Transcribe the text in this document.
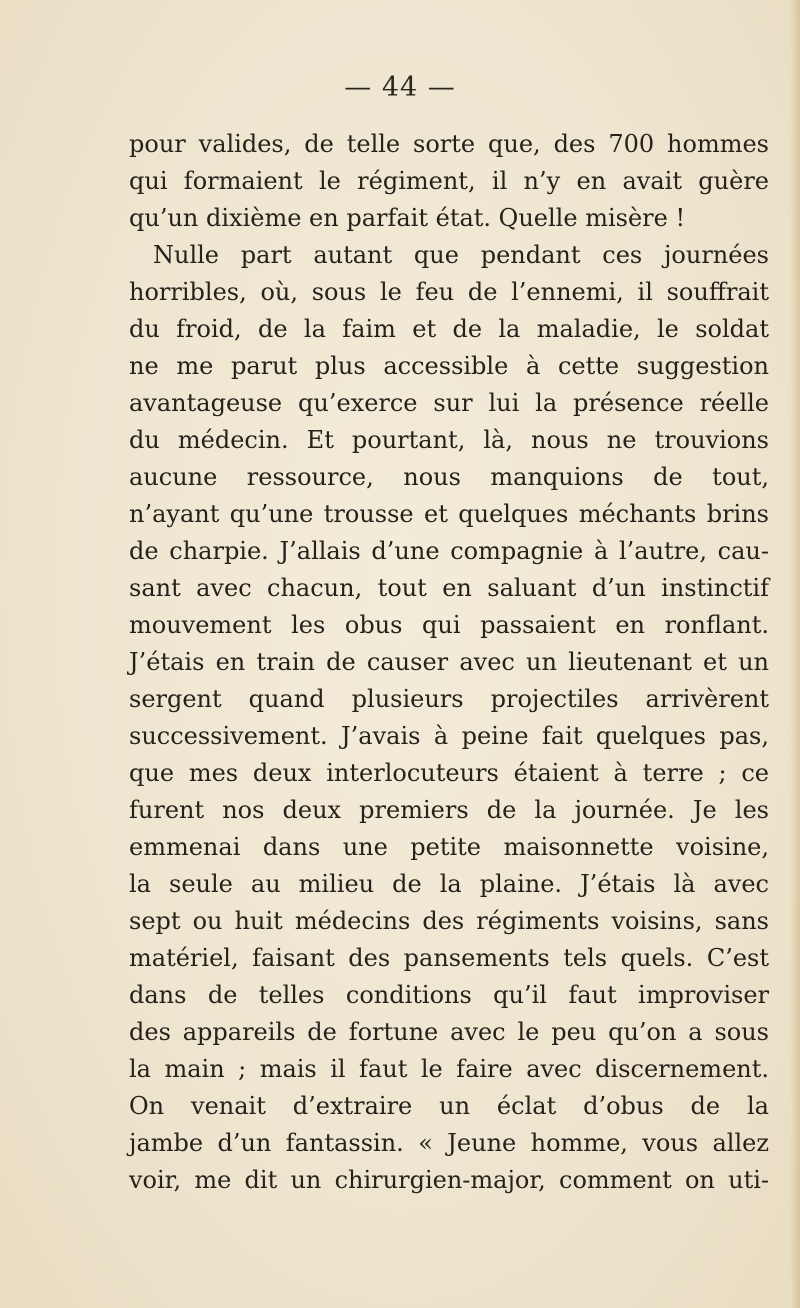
— 44 —

pour valides, de telle sorte que, des 700 hommes
qui formaient le régiment, il n’y en avait guère
qu’un dixième en parfait état. Quelle misère !
Nulle part autant que pendant ces journées
horribles, où, sous le feu de l’ennemi, il souffrait
du froid, de la faim et de la maladie, le soldat
ne me parut plus accessible à cette suggestion
avantageuse qu’exerce sur lui la présence réelle
du médecin. Et pourtant, là, nous ne trouvions
aucune ressource, nous manquions de tout,
n’ayant qu’une trousse et quelques méchants brins
de charpie. J’allais d’une compagnie à l’autre, cau-
sant avec chacun, tout en saluant d’un instinctif
mouvement les obus qui passaient en ronflant.
J’étais en train de causer avec un lieutenant et un
sergent quand plusieurs projectiles arrivèrent
successivement. J’avais à peine fait quelques pas,
que mes deux interlocuteurs étaient à terre ; ce
furent nos deux premiers de la journée. Je les
emmenai dans une petite maisonnette voisine,
la seule au milieu de la plaine. J’étais là avec
sept ou huit médecins des régiments voisins, sans
matériel, faisant des pansements tels quels. C’est
dans de telles conditions qu’il faut improviser
des appareils de fortune avec le peu qu’on a sous
la main ; mais il faut le faire avec discernement.
On venait d’extraire un éclat d’obus de la
jambe d’un fantassin. « Jeune homme, vous allez
voir, me dit un chirurgien-major, comment on uti-
